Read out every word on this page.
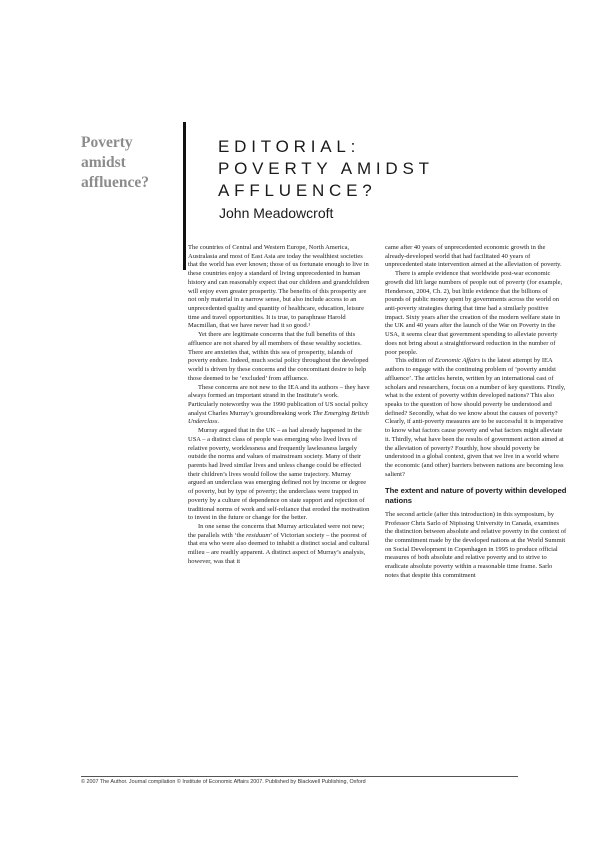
Poverty amidst affluence?
EDITORIAL:
POVERTY AMIDST
AFFLUENCE?
John Meadowcroft

The countries of Central and Western Europe, North America, Australasia and most of East Asia are today the wealthiest societies that the world has ever known; those of us fortunate enough to live in these countries enjoy a standard of living unprecedented in human history and can reasonably expect that our children and grandchildren will enjoy even greater prosperity. The benefits of this prosperity are not only material in a narrow sense, but also include access to an unprecedented quality and quantity of healthcare, education, leisure time and travel opportunities. It is true, to paraphrase Harold Macmillan, that we have never had it so good.¹

Yet there are legitimate concerns that the full benefits of this affluence are not shared by all members of these wealthy societies. There are anxieties that, within this sea of prosperity, islands of poverty endure. Indeed, much social policy throughout the developed world is driven by these concerns and the concomitant desire to help those deemed to be ‘excluded’ from affluence.

These concerns are not new to the IEA and its authors – they have always formed an important strand in the Institute’s work. Particularly noteworthy was the 1990 publication of US social policy analyst Charles Murray’s groundbreaking work The Emerging British Underclass.

Murray argued that in the UK – as had already happened in the USA – a distinct class of people was emerging who lived lives of relative poverty, worklessness and frequently lawlessness largely outside the norms and values of mainstream society. Many of their parents had lived similar lives and unless change could be effected their children’s lives would follow the same trajectory. Murray argued an underclass was emerging defined not by income or degree of poverty, but by type of poverty; the underclass were trapped in poverty by a culture of dependence on state support and rejection of traditional norms of work and self-reliance that eroded the motivation to invest in the future or change for the better.

In one sense the concerns that Murray articulated were not new; the parallels with ‘the residuum’ of Victorian society – the poorest of that era who were also deemed to inhabit a distinct social and cultural milieu – are readily apparent. A distinct aspect of Murray’s analysis, however, was that it

came after 40 years of unprecedented economic growth in the already-developed world that had facilitated 40 years of unprecedented state intervention aimed at the alleviation of poverty.

There is ample evidence that worldwide post-war economic growth did lift large numbers of people out of poverty (for example, Henderson, 2004, Ch. 2), but little evidence that the billions of pounds of public money spent by governments across the world on anti-poverty strategies during that time had a similarly positive impact. Sixty years after the creation of the modern welfare state in the UK and 40 years after the launch of the War on Poverty in the USA, it seems clear that government spending to alleviate poverty does not bring about a straightforward reduction in the number of poor people.

This edition of Economic Affairs is the latest attempt by IEA authors to engage with the continuing problem of ‘poverty amidst affluence’. The articles herein, written by an international cast of scholars and researchers, focus on a number of key questions. Firstly, what is the extent of poverty within developed nations? This also speaks to the question of how should poverty be understood and defined? Secondly, what do we know about the causes of poverty? Clearly, if anti-poverty measures are to be successful it is imperative to know what factors cause poverty and what factors might alleviate it. Thirdly, what have been the results of government action aimed at the alleviation of poverty? Fourthly, how should poverty be understood in a global context, given that we live in a world where the economic (and other) barriers between nations are becoming less salient?

The extent and nature of poverty within developed nations

The second article (after this introduction) in this symposium, by Professor Chris Sarlo of Nipissing University in Canada, examines the distinction between absolute and relative poverty in the context of the commitment made by the developed nations at the World Summit on Social Development in Copenhagen in 1995 to produce official measures of both absolute and relative poverty and to strive to eradicate absolute poverty within a reasonable time frame. Sarlo notes that despite this commitment

© 2007 The Author. Journal compilation © Institute of Economic Affairs 2007. Published by Blackwell Publishing, Oxford
